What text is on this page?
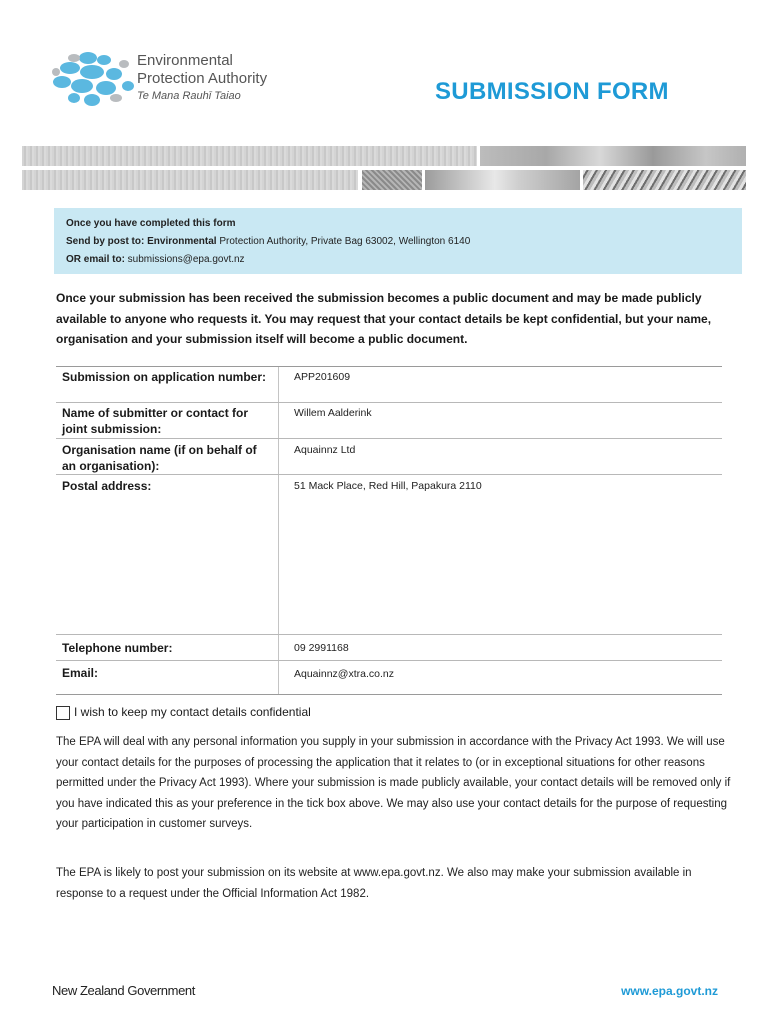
Environmental
Protection Authority
Te Mana Rauhī Taiao	SUBMISSION FORM
Once you have completed this form
Send by post to: Environmental Protection Authority, Private Bag 63002, Wellington 6140
OR email to: submissions@epa.govt.nz
Once your submission has been received the submission becomes a public document and may be made publicly available to anyone who requests it. You may request that your contact details be kept confidential, but your name, organisation and your submission itself will become a public document.
Submission on application number:	APP201609
Name of submitter or contact for joint submission:
Willem Aalderink
Organisation name (if on behalf of an organisation):
Aquainnz Ltd
Postal address:	51 Mack Place, Red Hill, Papakura 2110
Telephone number:	09 2991168
Email:	Aquainnz@xtra.co.nz
I wish to keep my contact details confidential
The EPA will deal with any personal information you supply in your submission in accordance with the Privacy Act 1993. We will use your contact details for the purposes of processing the application that it relates to (or in exceptional situations for other reasons permitted under the Privacy Act 1993). Where your submission is made publicly available, your contact details will be removed only if you have indicated this as your preference in the tick box above. We may also use your contact details for the purpose of requesting your participation in customer surveys.
The EPA is likely to post your submission on its website at www.epa.govt.nz. We also may make your submission available in response to a request under the Official Information Act 1982.
New Zealand Government	www.epa.govt.nz
